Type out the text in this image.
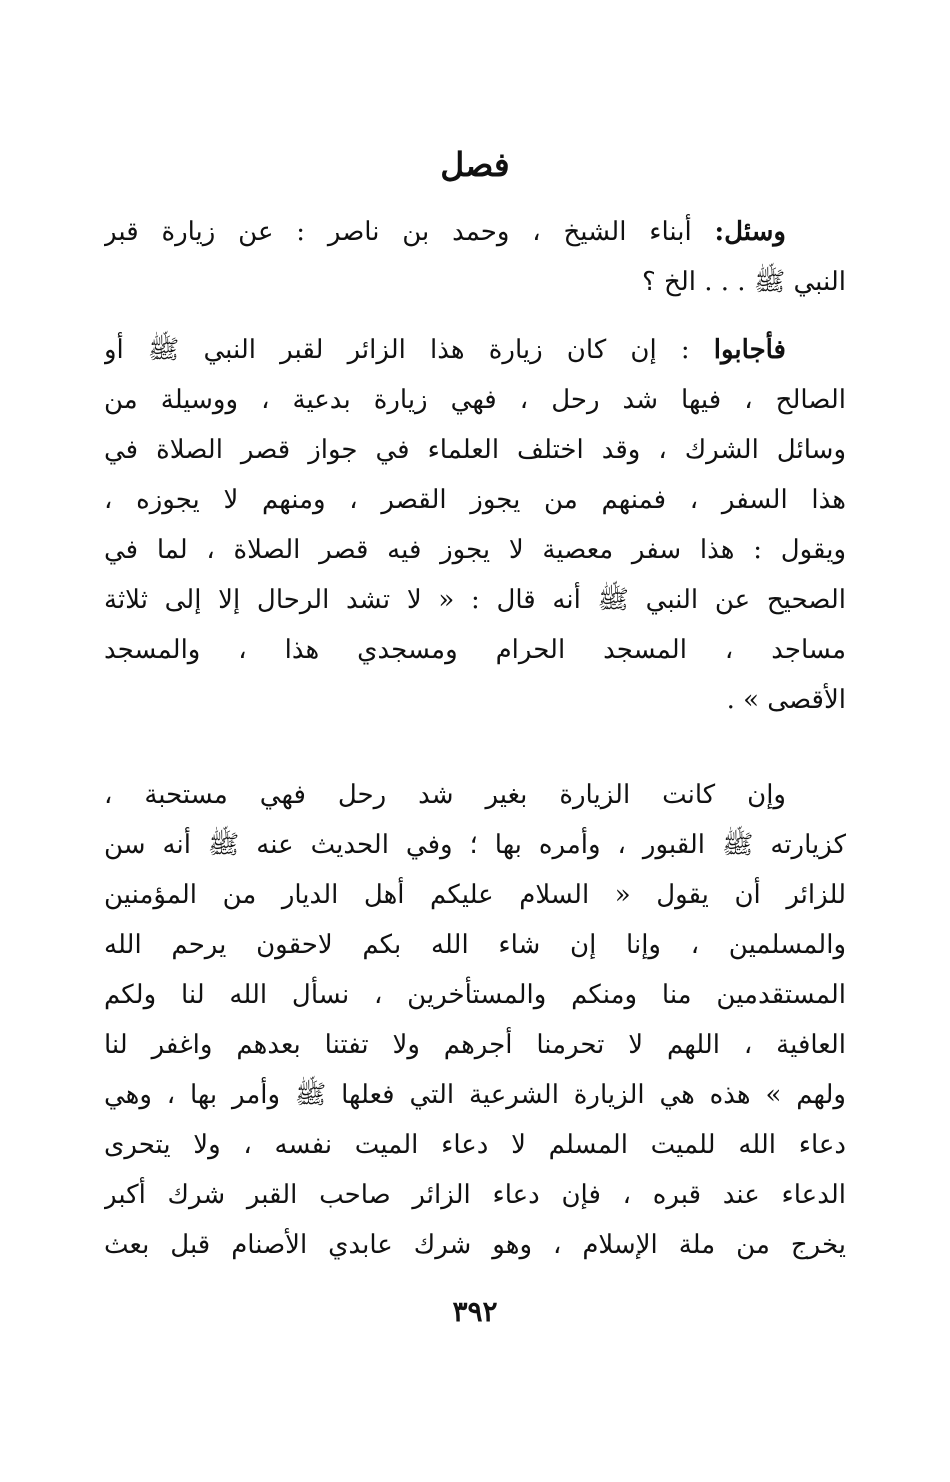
فصل
وسئل: أبناء الشيخ ، وحمد بن ناصر : عن زيارة قبر
النبي ﷺ . . . الخ ؟
فأجابوا : إن كان زيارة هذا الزائر لقبر النبي ﷺ أو
الصالح ، فيها شد رحل ، فهي زيارة بدعية ، ووسيلة من
وسائل الشرك ، وقد اختلف العلماء في جواز قصر الصلاة في
هذا السفر ، فمنهم من يجوز القصر ، ومنهم لا يجوزه ،
ويقول : هذا سفر معصية لا يجوز فيه قصر الصلاة ، لما في
الصحيح عن النبي ﷺ أنه قال : « لا تشد الرحال إلا إلى ثلاثة
مساجد ، المسجد الحرام ومسجدي هذا ، والمسجد
الأقصى » .
وإن كانت الزيارة بغير شد رحل فهي مستحبة ،
كزيارته ﷺ القبور ، وأمره بها ؛ وفي الحديث عنه ﷺ أنه سن
للزائر أن يقول « السلام عليكم أهل الديار من المؤمنين
والمسلمين ، وإنا إن شاء الله بكم لاحقون يرحم الله
المستقدمين منا ومنكم والمستأخرين ، نسأل الله لنا ولكم
العافية ، اللهم لا تحرمنا أجرهم ولا تفتنا بعدهم واغفر لنا
ولهم » هذه هي الزيارة الشرعية التي فعلها ﷺ وأمر بها ، وهي
دعاء الله للميت المسلم لا دعاء الميت نفسه ، ولا يتحرى
الدعاء عند قبره ، فإن دعاء الزائر صاحب القبر شرك أكبر
يخرج من ملة الإسلام ، وهو شرك عابدي الأصنام قبل بعث
٣٩٢
